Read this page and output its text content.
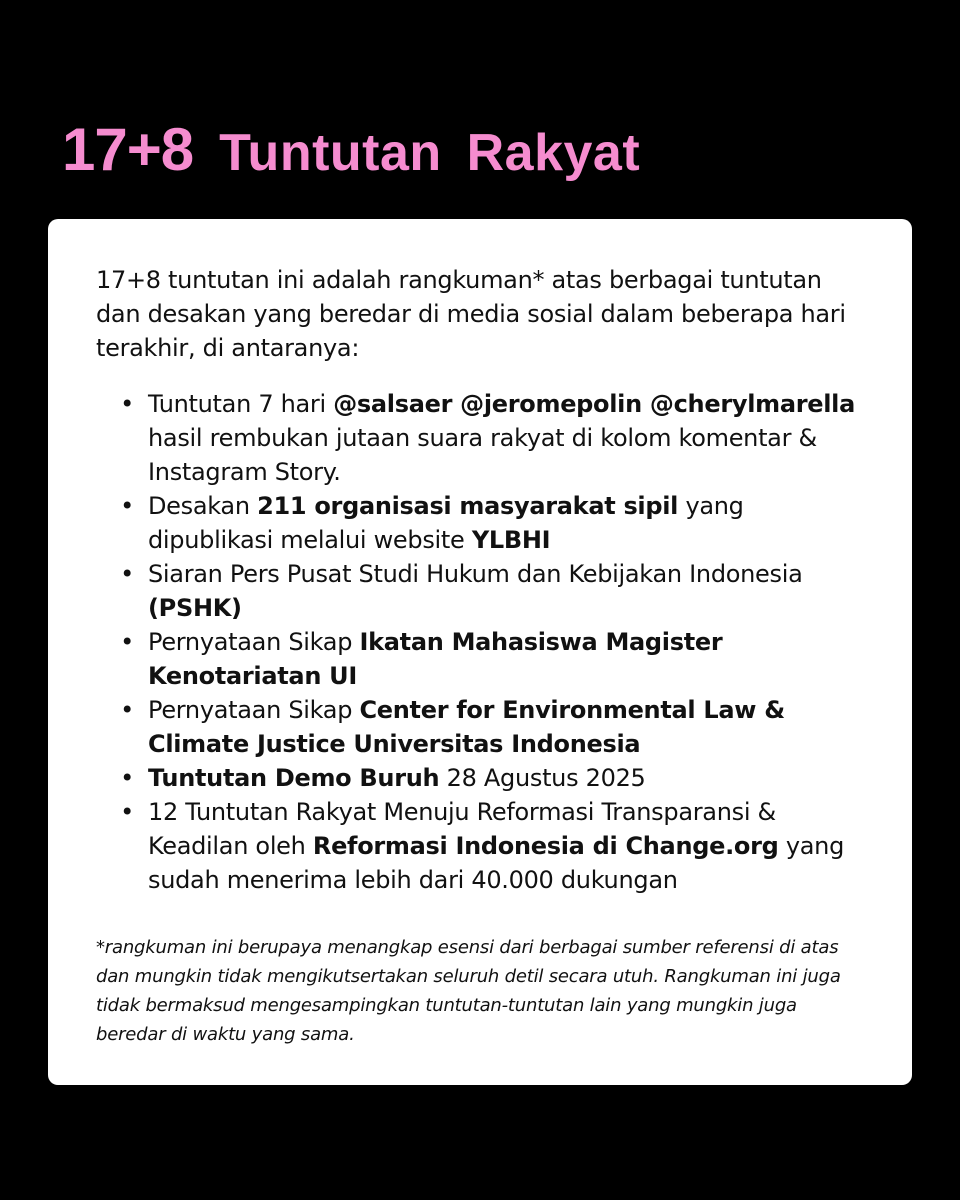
17+8 Tuntutan Rakyat

17+8 tuntutan ini adalah rangkuman* atas berbagai tuntutan dan desakan yang beredar di media sosial dalam beberapa hari terakhir, di antaranya:

• Tuntutan 7 hari @salsaer @jeromepolin @cherylmarella hasil rembukan jutaan suara rakyat di kolom komentar & Instagram Story.
• Desakan 211 organisasi masyarakat sipil yang dipublikasi melalui website YLBHI
• Siaran Pers Pusat Studi Hukum dan Kebijakan Indonesia (PSHK)
• Pernyataan Sikap Ikatan Mahasiswa Magister Kenotariatan UI
• Pernyataan Sikap Center for Environmental Law & Climate Justice Universitas Indonesia
• Tuntutan Demo Buruh 28 Agustus 2025
• 12 Tuntutan Rakyat Menuju Reformasi Transparansi & Keadilan oleh Reformasi Indonesia di Change.org yang sudah menerima lebih dari 40.000 dukungan

*rangkuman ini berupaya menangkap esensi dari berbagai sumber referensi di atas dan mungkin tidak mengikutsertakan seluruh detil secara utuh. Rangkuman ini juga tidak bermaksud mengesampingkan tuntutan-tuntutan lain yang mungkin juga beredar di waktu yang sama.
